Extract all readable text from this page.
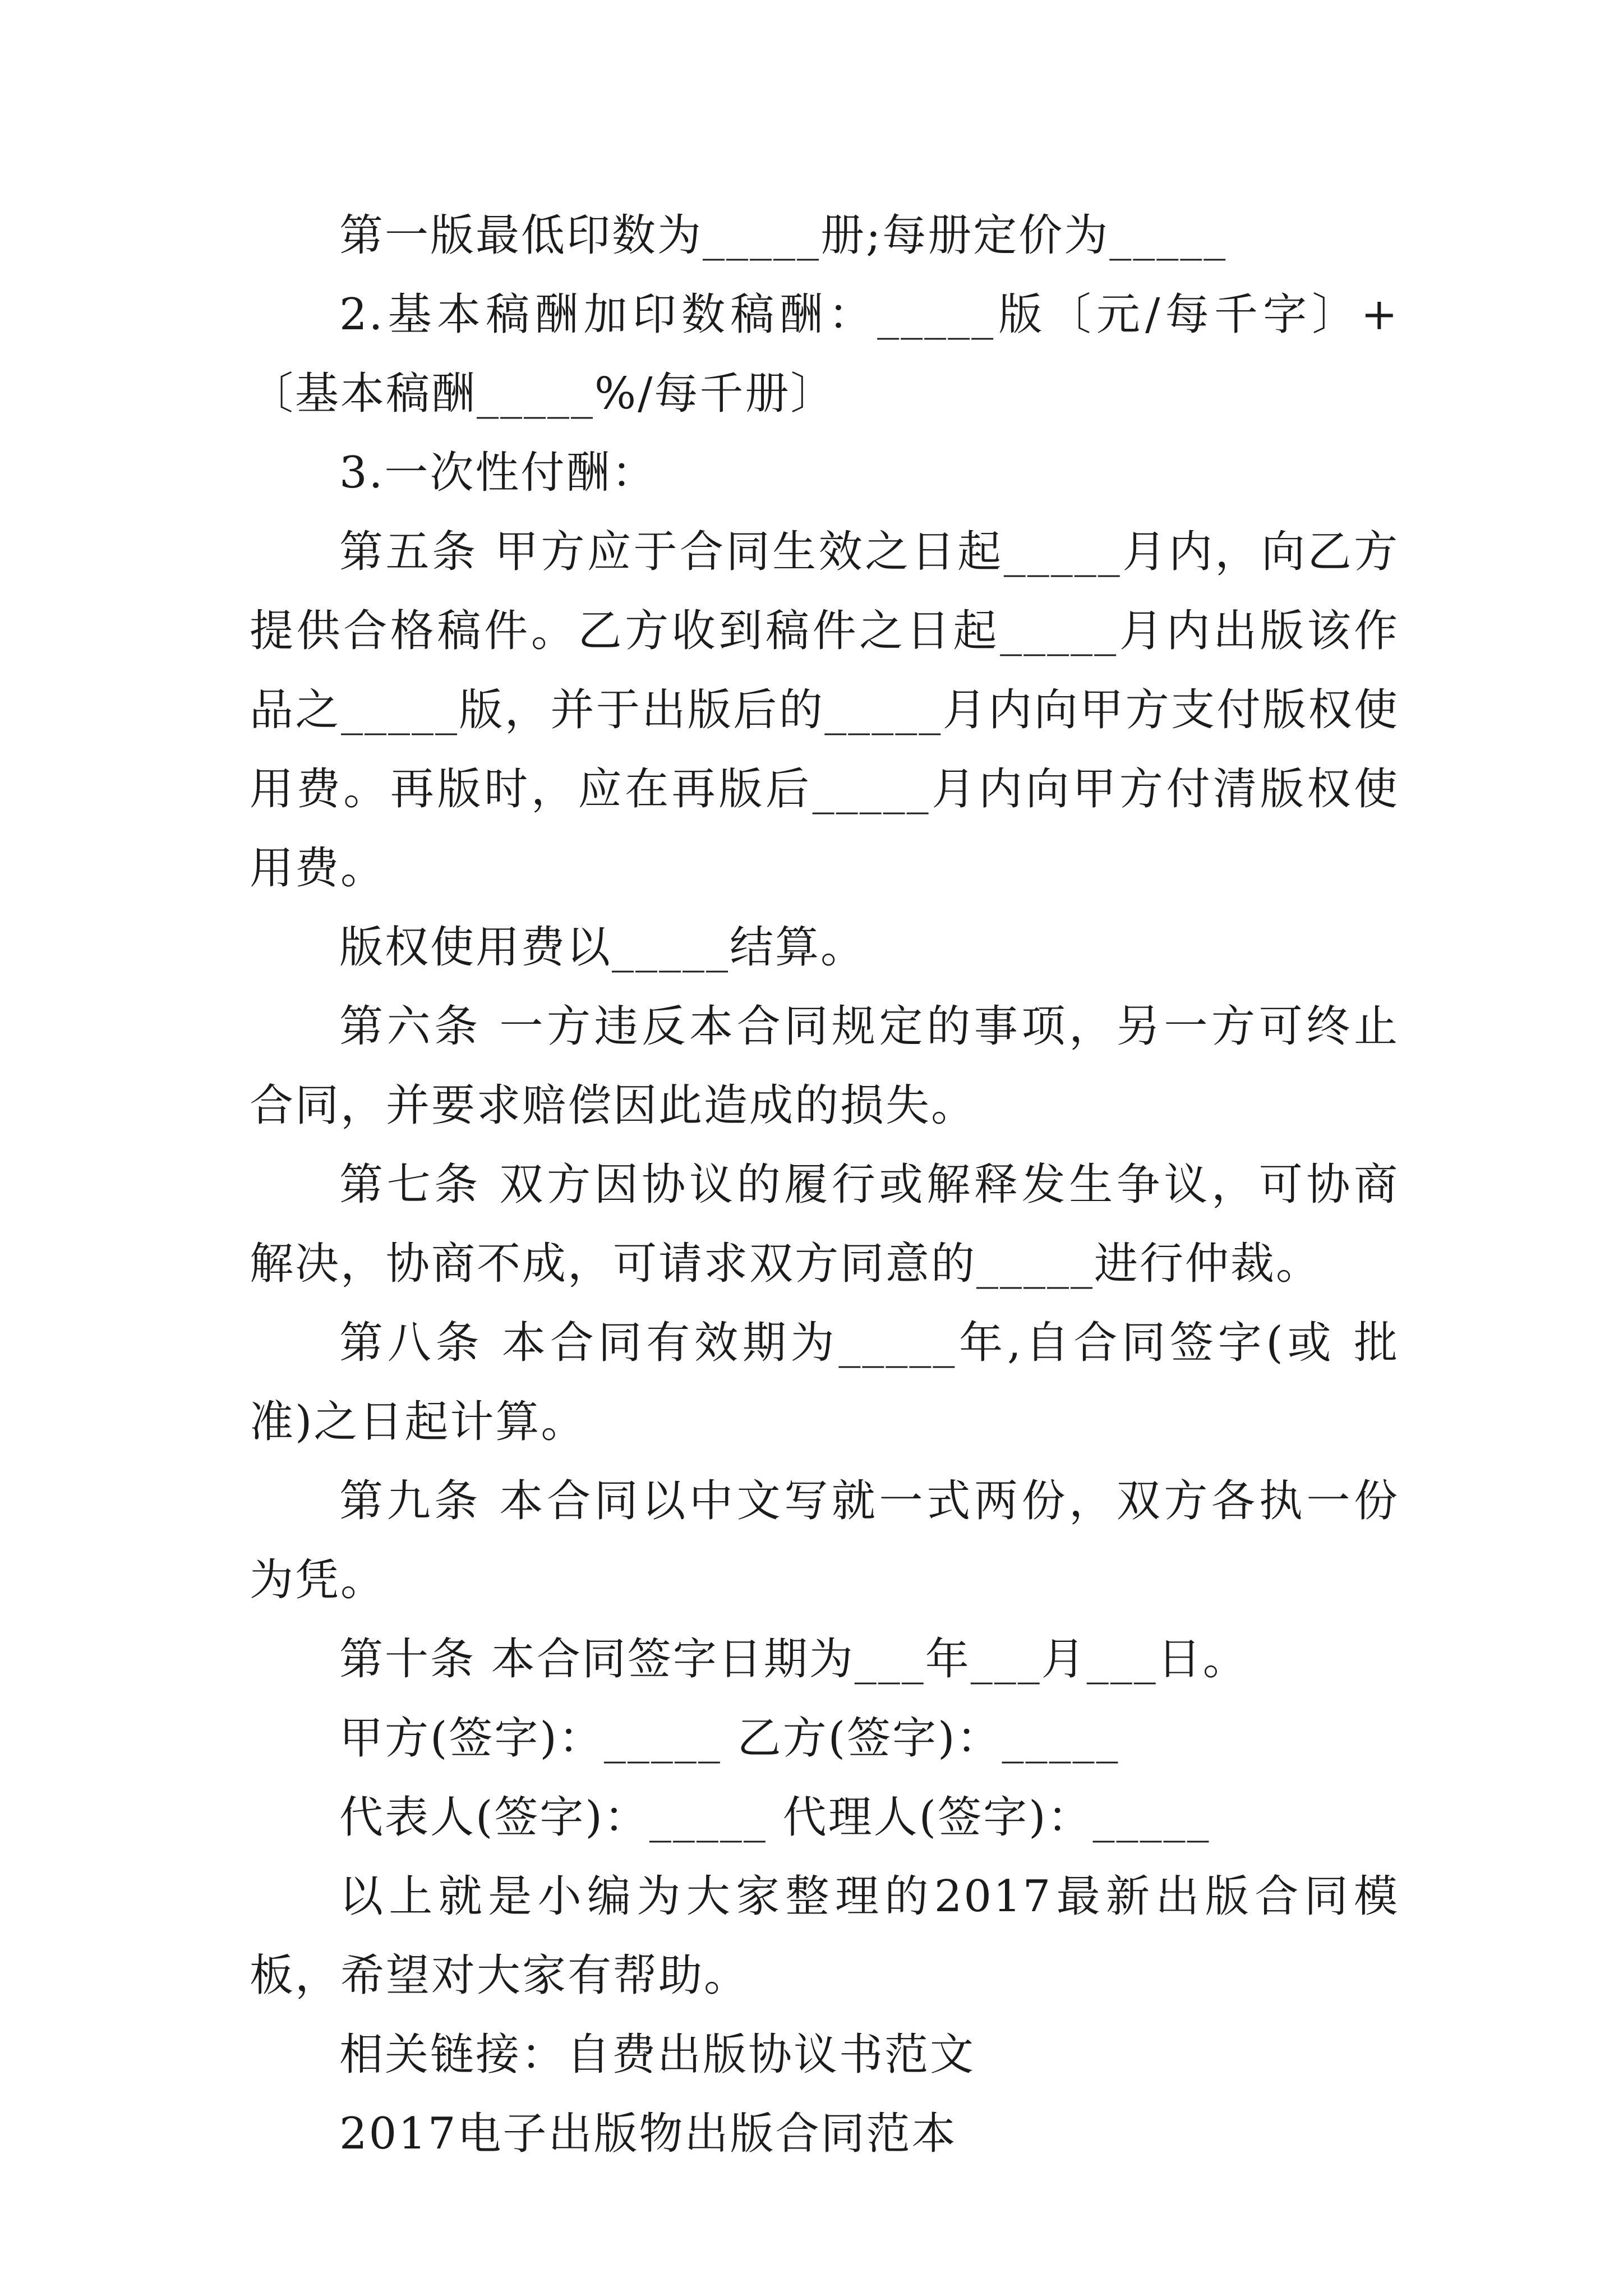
第一版最低印数为_____册;每册定价为_____

2.基本稿酬加印数稿酬：_____版〔元/每千字〕+〔基本稿酬_____%/每千册〕

3.一次性付酬：

第五条 甲方应于合同生效之日起_____月内，向乙方提供合格稿件。乙方收到稿件之日起_____月内出版该作品之_____版，并于出版后的_____月内向甲方支付版权使用费。再版时，应在再版后_____月内向甲方付清版权使用费。

版权使用费以_____结算。

第六条 一方违反本合同规定的事项，另一方可终止合同，并要求赔偿因此造成的损失。

第七条 双方因协议的履行或解释发生争议，可协商解决，协商不成，可请求双方同意的_____进行仲裁。

第八条 本合同有效期为_____年,自合同签字(或 批准)之日起计算。

第九条 本合同以中文写就一式两份，双方各执一份为凭。

第十条 本合同签字日期为___年___月___日。

甲方(签字)：_____ 乙方(签字)：_____

代表人(签字)：_____ 代理人(签字)：_____

以上就是小编为大家整理的2017最新出版合同模板，希望对大家有帮助。

相关链接：自费出版协议书范文

2017电子出版物出版合同范本
